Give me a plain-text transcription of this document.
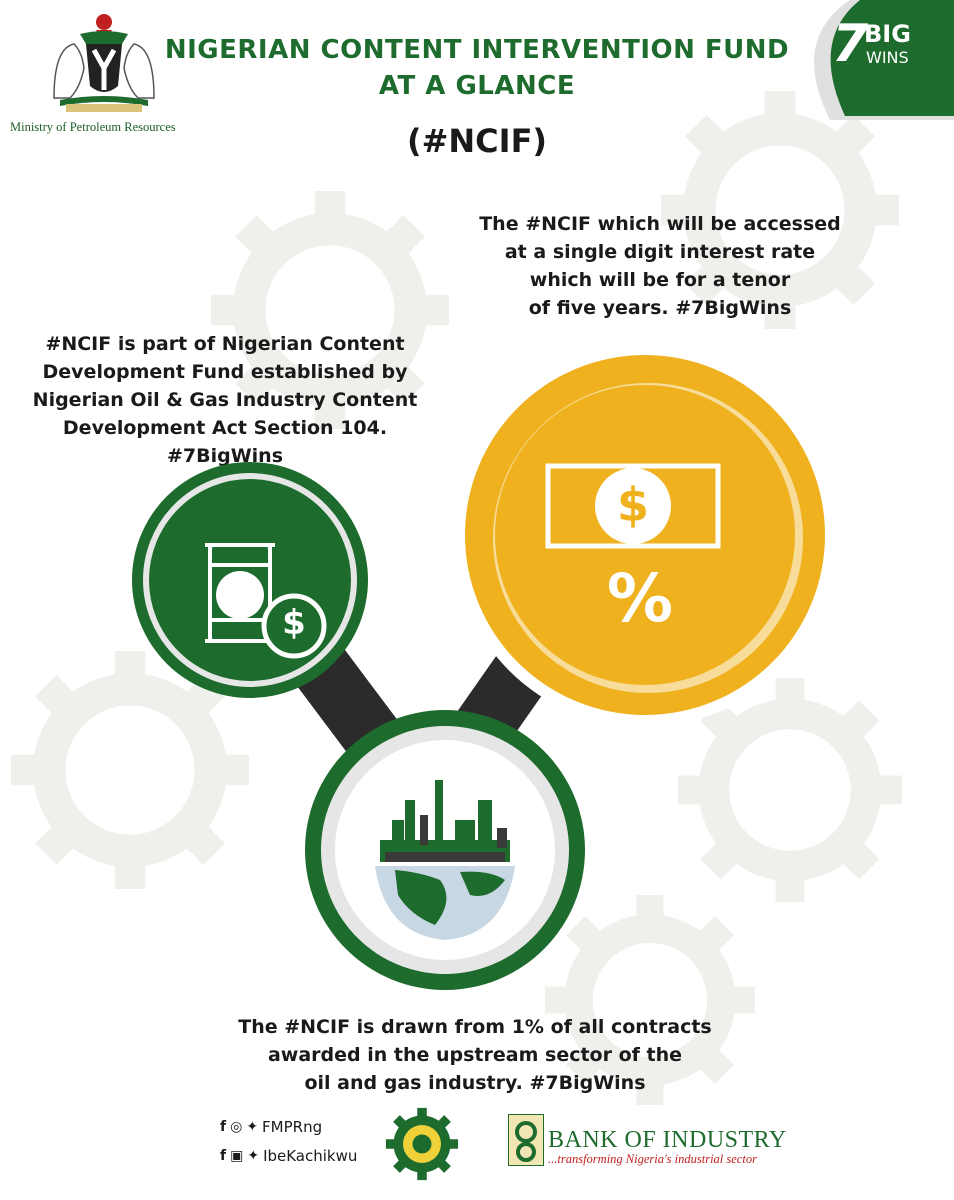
Ministry of Petroleum Resources
NIGERIAN CONTENT INTERVENTION FUND
AT A GLANCE
(#NCIF)
7
BIG
WINS
The #NCIF which will be accessed
at a single digit interest rate
which will be for a tenor
of five years. #7BigWins
#NCIF is part of Nigerian Content
Development Fund established by
Nigerian Oil & Gas Industry Content
Development Act Section 104. #7BigWins
$
$
%
The #NCIF is drawn from 1% of all contracts
awarded in the upstream sector of the
oil and gas industry. #7BigWins
f ◎ ✦ FMPRng
f ▣ ✦ IbeKachikwu
BANK OF INDUSTRY
...transforming Nigeria's industrial sector
